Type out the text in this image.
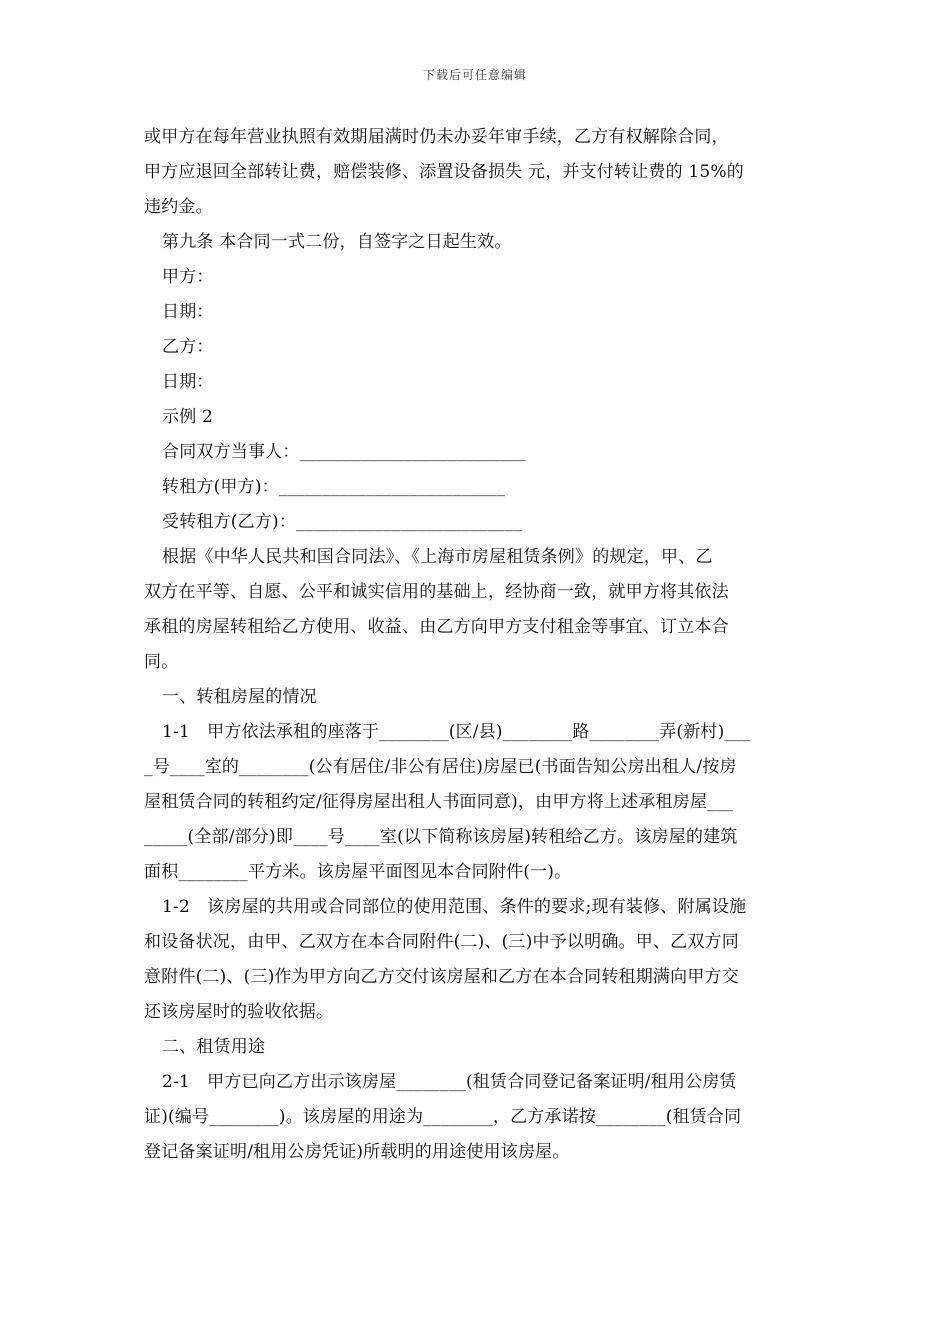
下载后可任意编辑
或甲方在每年营业执照有效期届满时仍未办妥年审手续，乙方有权解除合同，
甲方应退回全部转让费，赔偿装修、添置设备损失 元，并支付转让费的 15%的
违约金。
第九条 本合同一式二份，自签字之日起生效。
甲方：
日期：
乙方：
日期：
示例 2
合同双方当事人：__________________________
转租方(甲方)：__________________________
受转租方(乙方)：__________________________
根据《中华人民共和国合同法》、《上海市房屋租赁条例》的规定，甲、乙
双方在平等、自愿、公平和诚实信用的基础上，经协商一致，就甲方将其依法
承租的房屋转租给乙方使用、收益、由乙方向甲方支付租金等事宜、订立本合
同。
一、转租房屋的情况
1-1　甲方依法承租的座落于________(区/县)________路________弄(新村)___
_号____室的________(公有居住/非公有居住)房屋已(书面告知公房出租人/按房
屋租赁合同的转租约定/征得房屋出租人书面同意)，由甲方将上述承租房屋___
_____(全部/部分)即____号____室(以下简称该房屋)转租给乙方。该房屋的建筑
面积________平方米。该房屋平面图见本合同附件(一)。
1-2　该房屋的共用或合同部位的使用范围、条件的要求;现有装修、附属设施
和设备状况，由甲、乙双方在本合同附件(二)、(三)中予以明确。甲、乙双方同
意附件(二)、(三)作为甲方向乙方交付该房屋和乙方在本合同转租期满向甲方交
还该房屋时的验收依据。
二、租赁用途
2-1　甲方已向乙方出示该房屋________(租赁合同登记备案证明/租用公房赁
证)(编号________)。该房屋的用途为________，乙方承诺按________(租赁合同
登记备案证明/租用公房凭证)所载明的用途使用该房屋。
